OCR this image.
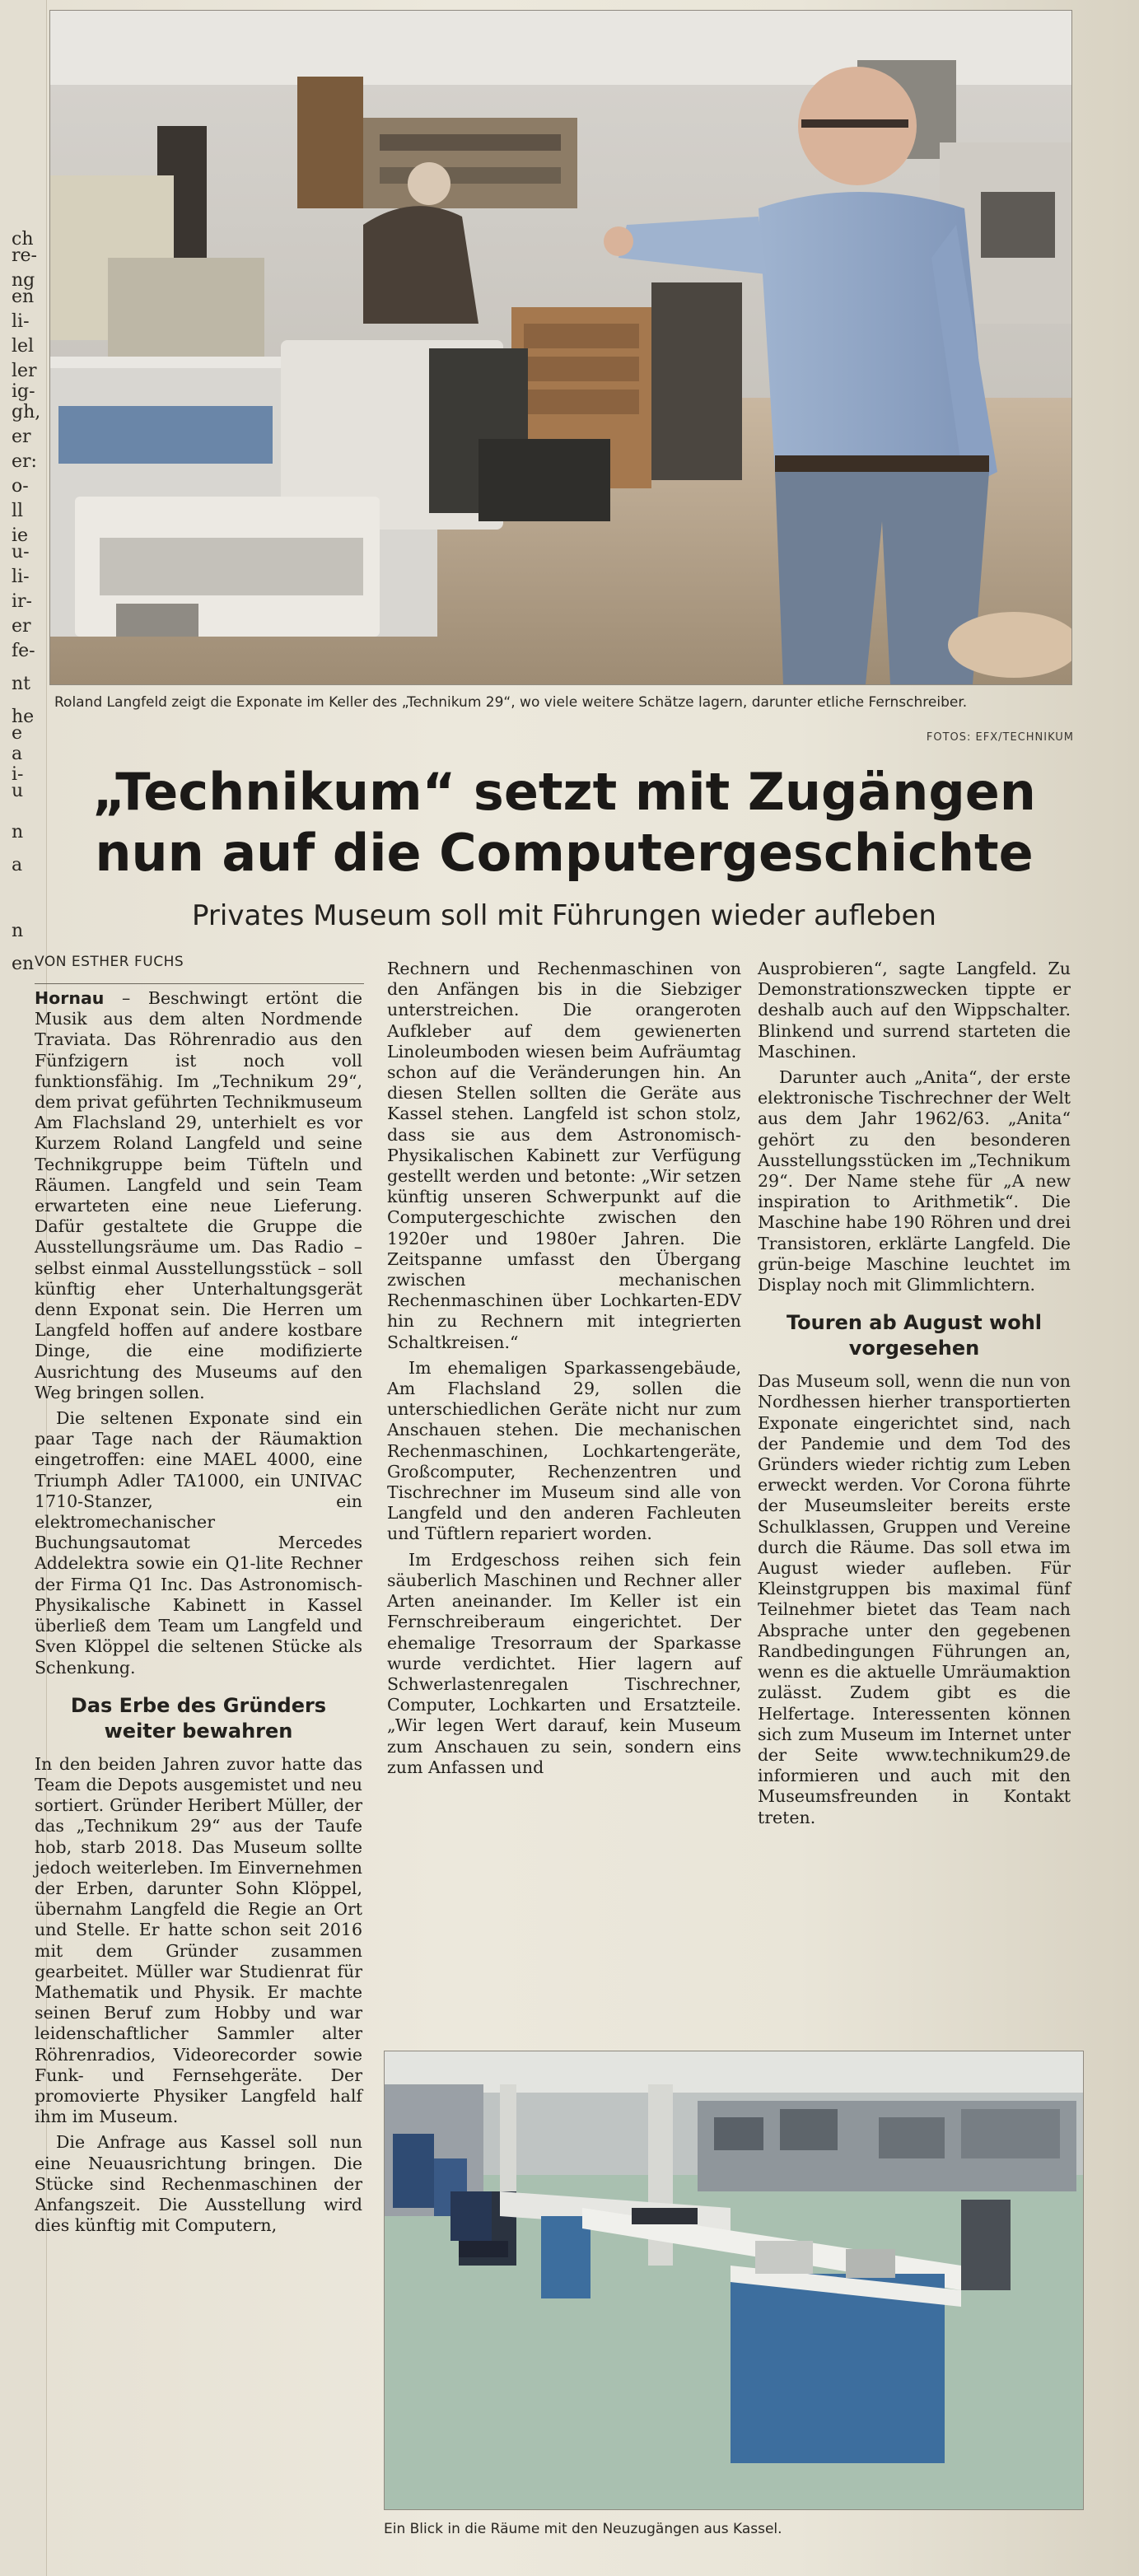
ch
re-
ng
en
li-
lel
ler
ig-
gh,
er
er:
o-
ll
ie
u-
li-
ir-
er
fe-
nt
he
e
a
i-
u
n
a
n
en
Roland Langfeld zeigt die Exponate im Keller des „Technikum 29“, wo viele weitere Schätze lagern, darunter etliche Fernschreiber.
FOTOS: EFX/TECHNIKUM
„Technikum“ setzt mit Zugängen
nun auf die Computergeschichte
Privates Museum soll mit Führungen wieder aufleben
VON ESTHER FUCHS

Hornau – Beschwingt ertönt die Musik aus dem alten Nordmende Traviata. Das Röhrenradio aus den Fünfzigern ist noch voll funktionsfähig. Im „Technikum 29“, dem privat geführten Technikmuseum Am Flachsland 29, unterhielt es vor Kurzem Roland Langfeld und seine Technikgruppe beim Tüfteln und Räumen. Langfeld und sein Team erwarteten eine neue Lieferung. Dafür gestaltete die Gruppe die Ausstellungsräume um. Das Radio – selbst einmal Ausstellungsstück – soll künftig eher Unterhaltungsgerät denn Exponat sein. Die Herren um Langfeld hoffen auf andere kostbare Dinge, die eine modifizierte Ausrichtung des Museums auf den Weg bringen sollen.

Die seltenen Exponate sind ein paar Tage nach der Räumaktion eingetroffen: eine MAEL 4000, eine Triumph Adler TA1000, ein UNIVAC 1710-Stanzer, ein elektromechanischer Buchungsautomat Mercedes Addelektra sowie ein Q1-lite Rechner der Firma Q1 Inc. Das Astronomisch-Physikalische Kabinett in Kassel überließ dem Team um Langfeld und Sven Klöppel die seltenen Stücke als Schenkung.

Das Erbe des Gründers weiter bewahren

In den beiden Jahren zuvor hatte das Team die Depots ausgemistet und neu sortiert. Gründer Heribert Müller, der das „Technikum 29“ aus der Taufe hob, starb 2018. Das Museum sollte jedoch weiterleben. Im Einvernehmen der Erben, darunter Sohn Klöppel, übernahm Langfeld die Regie an Ort und Stelle. Er hatte schon seit 2016 mit dem Gründer zusammen gearbeitet. Müller war Studienrat für Mathematik und Physik. Er machte seinen Beruf zum Hobby und war leidenschaftlicher Sammler alter Röhrenradios, Videorecorder sowie Funk- und Fernsehgeräte. Der promovierte Physiker Langfeld half ihm im Museum.

Die Anfrage aus Kassel soll nun eine Neuausrichtung bringen. Die Stücke sind Rechenmaschinen der Anfangszeit. Die Ausstellung wird dies künftig mit Computern,

Rechnern und Rechenmaschinen von den Anfängen bis in die Siebziger unterstreichen. Die orangeroten Aufkleber auf dem gewienerten Linoleumboden wiesen beim Aufräumtag schon auf die Veränderungen hin. An diesen Stellen sollten die Geräte aus Kassel stehen. Langfeld ist schon stolz, dass sie aus dem Astronomisch-Physikalischen Kabinett zur Verfügung gestellt werden und betonte: „Wir setzen künftig unseren Schwerpunkt auf die Computergeschichte zwischen den 1920er und 1980er Jahren. Die Zeitspanne umfasst den Übergang zwischen mechanischen Rechenmaschinen über Lochkarten-EDV hin zu Rechnern mit integrierten Schaltkreisen.“

Im ehemaligen Sparkassengebäude, Am Flachsland 29, sollen die unterschiedlichen Geräte nicht nur zum Anschauen stehen. Die mechanischen Rechenmaschinen, Lochkartengeräte, Großcomputer, Rechenzentren und Tischrechner im Museum sind alle von Langfeld und den anderen Fachleuten und Tüftlern repariert worden.

Im Erdgeschoss reihen sich fein säuberlich Maschinen und Rechner aller Arten aneinander. Im Keller ist ein Fernschreiberaum eingerichtet. Der ehemalige Tresorraum der Sparkasse wurde verdichtet. Hier lagern auf Schwerlastenregalen Tischrechner, Computer, Lochkarten und Ersatzteile. „Wir legen Wert darauf, kein Museum zum Anschauen zu sein, sondern eins zum Anfassen und

Ausprobieren“, sagte Langfeld. Zu Demonstrationszwecken tippte er deshalb auch auf den Wippschalter. Blinkend und surrend starteten die Maschinen.

Darunter auch „Anita“, der erste elektronische Tischrechner der Welt aus dem Jahr 1962/63. „Anita“ gehört zu den besonderen Ausstellungsstücken im „Technikum 29“. Der Name stehe für „A new inspiration to Arithmetik“. Die Maschine habe 190 Röhren und drei Transistoren, erklärte Langfeld. Die grün-beige Maschine leuchtet im Display noch mit Glimmlichtern.

Touren ab August wohl vorgesehen

Das Museum soll, wenn die nun von Nordhessen hierher transportierten Exponate eingerichtet sind, nach der Pandemie und dem Tod des Gründers wieder richtig zum Leben erweckt werden. Vor Corona führte der Museumsleiter bereits erste Schulklassen, Gruppen und Vereine durch die Räume. Das soll etwa im August wieder aufleben. Für Kleinstgruppen bis maximal fünf Teilnehmer bietet das Team nach Absprache unter den gegebenen Randbedingungen Führungen an, wenn es die aktuelle Umräumaktion zulässt. Zudem gibt es die Helfertage. Interessenten können sich zum Museum im Internet unter der Seite www.technikum29.de informieren und auch mit den Museumsfreunden in Kontakt treten.

Ein Blick in die Räume mit den Neuzugängen aus Kassel.
